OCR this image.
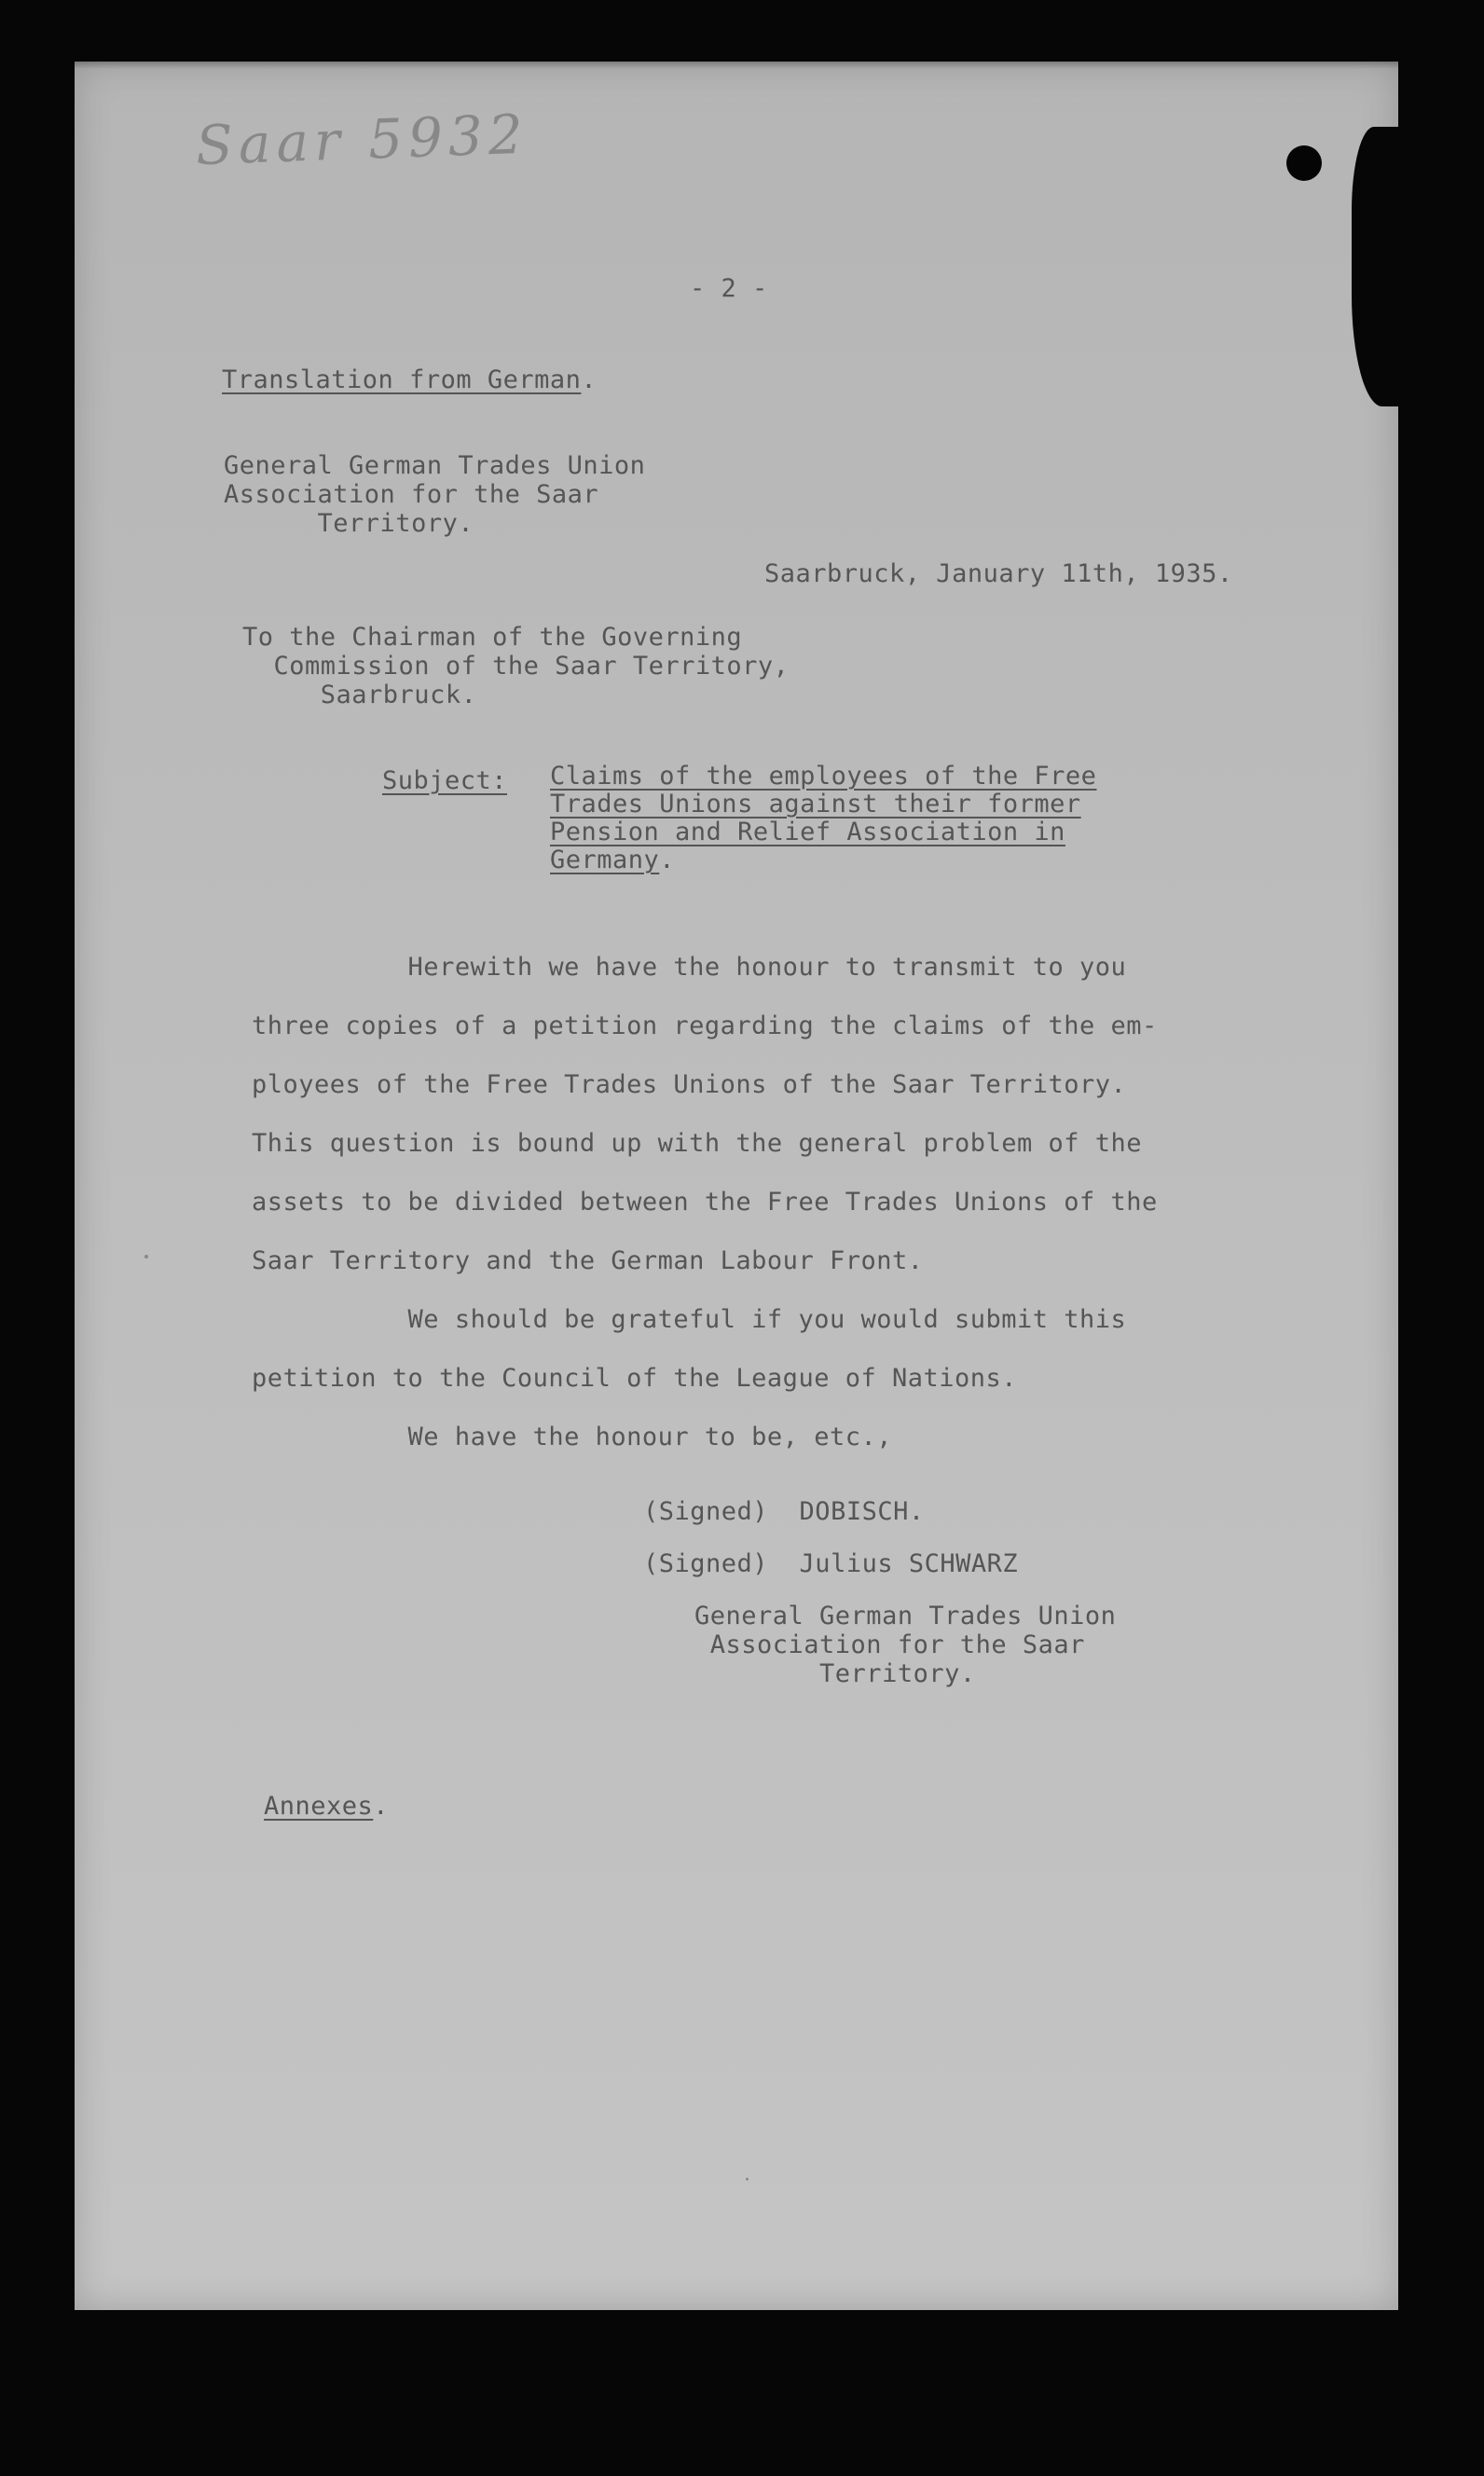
Saar 5932
- 2 -
Translation from German.
General German Trades Union
Association for the Saar
Territory.
Saarbruck, January 11th, 1935.
To the Chairman of the Governing
Commission of the Saar Territory,
Saarbruck.
Subject: Claims of the employees of the Free
Trades Unions against their former
Pension and Relief Association in
Germany.
Herewith we have the honour to transmit to you
three copies of a petition regarding the claims of the em-
ployees of the Free Trades Unions of the Saar Territory.
This question is bound up with the general problem of the
assets to be divided between the Free Trades Unions of the
Saar Territory and the German Labour Front.
We should be grateful if you would submit this
petition to the Council of the League of Nations.
We have the honour to be, etc.,
(Signed)  DOBISCH.
(Signed)  Julius SCHWARZ
General German Trades Union
Association for the Saar
Territory.
Annexes.
